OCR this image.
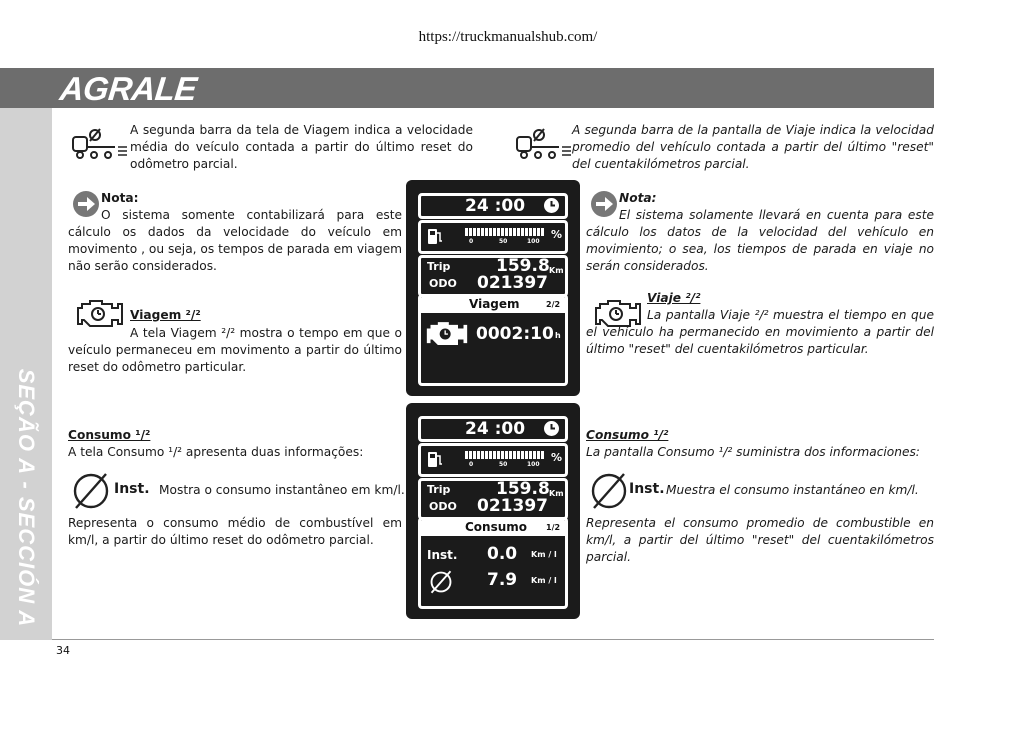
https://truckmanualshub.com/
AGRALE
SEÇÃO A - SECCIÓN A
A segunda barra da tela de Viagem indica a velocidade média do veículo contada a partir do último reset do odômetro parcial.
Nota:
O sistema somente contabilizará para este cálculo os dados da velocidade do veículo em movimento , ou seja, os tempos de parada em viagem não serão considerados.
Viagem ²/²
A tela Viagem ²/² mostra o tempo em que o veículo permaneceu em movimento a partir do último reset do odômetro particular.
Consumo ¹/²
A tela Consumo ¹/² apresenta duas informações:
Inst. Mostra o consumo instantâneo em km/l.
Representa o consumo médio de combustível em km/l, a partir do último reset do odômetro parcial.
A segunda barra de la pantalla de Viaje indica la velocidad promedio del vehículo contada a partir del último "reset" del cuentakilómetros parcial.
Nota:
El sistema solamente llevará en cuenta para este cálculo los datos de la velocidad del vehículo en movimiento; o sea, los tiempos de parada en viaje no serán considerados.
Viaje ²/²
La pantalla Viaje ²/² muestra el tiempo en que el vehículo ha permanecido en movimiento a partir del último "reset" del cuentakilómetros particular.
Consumo ¹/²
La pantalla Consumo ¹/² suministra dos informaciones:
Inst. Muestra el consumo instantáneo en km/l.
Representa el consumo promedio de combustible en km/l, a partir del último "reset" del cuentakilómetros parcial.
24 :00
0	50	100
%
Trip	159.8 Km
ODO 021397
Viagem	2/2
0002:10 h
24 :00
0	50	100
%
Trip	159.8 Km
ODO 021397
Consumo 1/2
Inst. 0.0 Km / l
7.9 Km / l
34
